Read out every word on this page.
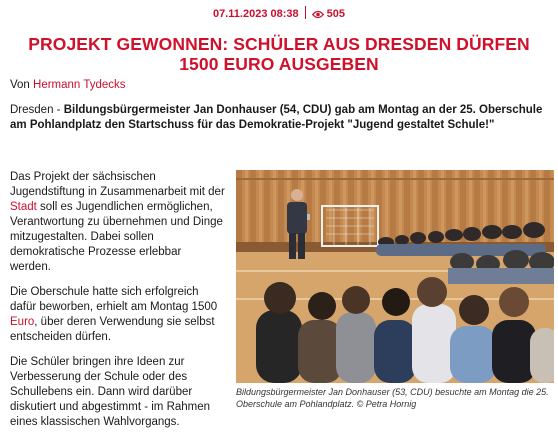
07.11.2023 08:38	505
PROJEKT GEWONNEN: SCHÜLER AUS DRESDEN DÜRFEN 1500 EURO AUSGEBEN
Von Hermann Tydecks

Dresden - Bildungsbürgermeister Jan Donhauser (54, CDU) gab am Montag an der 25. Oberschule am Pohlandplatz den Startschuss für das Demokratie-Projekt "Jugend gestaltet Schule!"

Das Projekt der sächsischen Jugendstiftung in Zusammenarbeit mit der Stadt soll es Jugendlichen ermöglichen, Verantwortung zu übernehmen und Dinge mitzugestalten. Dabei sollen demokratische Prozesse erlebbar werden.

Die Oberschule hatte sich erfolgreich dafür beworben, erhielt am Montag 1500 Euro, über deren Verwendung sie selbst entscheiden dürfen.

Die Schüler bringen ihre Ideen zur Verbesserung der Schule oder des Schullebens ein. Dann wird darüber diskutiert und abgestimmt - im Rahmen eines klassischen Wahlvorgangs.

Bildungsbürgermeister Jan Donhauser (53, CDU) besuchte am Montag die 25. Oberschule am Pohlandplatz. © Petra Hornig
